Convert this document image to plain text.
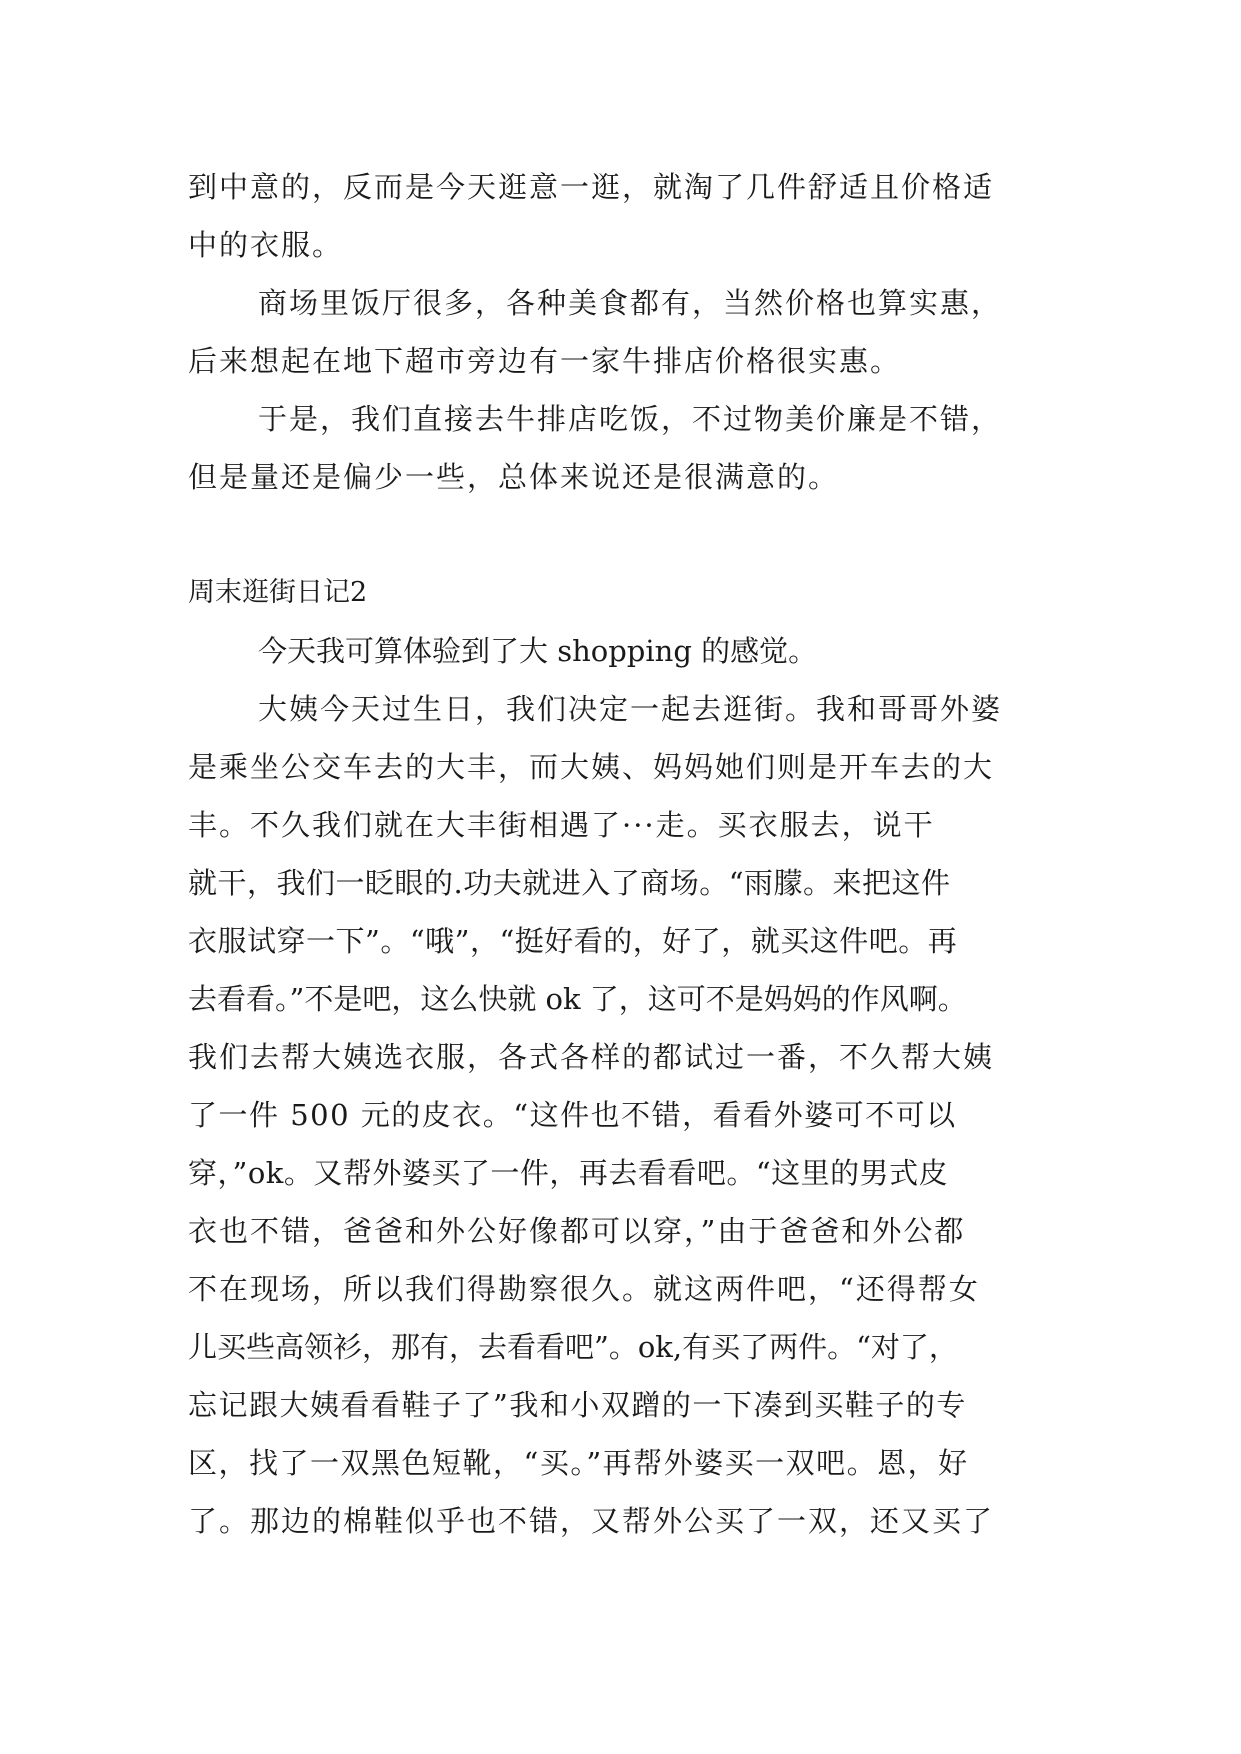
到中意的，反而是今天逛意一逛，就淘了几件舒适且价格适
中的衣服。
商场里饭厅很多，各种美食都有，当然价格也算实惠，
后来想起在地下超市旁边有一家牛排店价格很实惠。
于是，我们直接去牛排店吃饭，不过物美价廉是不错，
但是量还是偏少一些，总体来说还是很满意的。
周末逛街日记2
今天我可算体验到了大 shopping 的感觉。
大姨今天过生日，我们决定一起去逛街。我和哥哥外婆
是乘坐公交车去的大丰，而大姨、妈妈她们则是开车去的大
丰。不久我们就在大丰街相遇了···走。买衣服去，说干
就干，我们一眨眼的.功夫就进入了商场。“雨朦。来把这件
衣服试穿一下”。“哦”，“挺好看的，好了，就买这件吧。再
去看看。”不是吧，这么快就 ok 了，这可不是妈妈的作风啊。
我们去帮大姨选衣服，各式各样的都试过一番，不久帮大姨
了一件 500 元的皮衣。“这件也不错，看看外婆可不可以
穿，”ok。又帮外婆买了一件，再去看看吧。“这里的男式皮
衣也不错，爸爸和外公好像都可以穿，”由于爸爸和外公都
不在现场，所以我们得勘察很久。就这两件吧，“还得帮女
儿买些高领衫，那有，去看看吧”。ok,有买了两件。“对了，
忘记跟大姨看看鞋子了”我和小双蹭的一下凑到买鞋子的专
区，找了一双黑色短靴，“买。”再帮外婆买一双吧。恩，好
了。那边的棉鞋似乎也不错，又帮外公买了一双，还又买了
